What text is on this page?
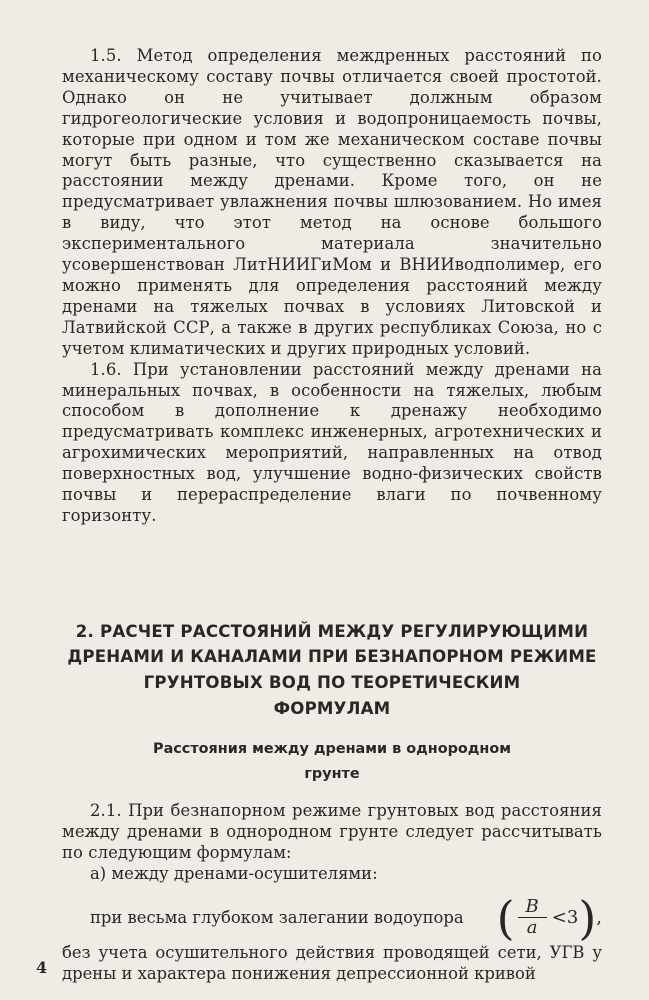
1.5. Метод определения междренных расстояний по механическому составу почвы отличается своей простотой. Однако он не учитывает должным образом гидрогеологические условия и водопроницаемость почвы, которые при одном и том же механическом составе почвы могут быть разные, что существенно сказывается на расстоянии между дренами. Кроме того, он не предусматривает увлажнения почвы шлюзованием. Но имея в виду, что этот метод на основе большого экспериментального материала значительно усовершенствован ЛитНИИГиМом и ВНИИводполимер, его можно применять для определения расстояний между дренами на тяжелых почвах в условиях Литовской и Латвийской ССР, а также в других республиках Союза, но с учетом климатических и других природных условий.

1.6. При установлении расстояний между дренами на минеральных почвах, в особенности на тяжелых, любым способом в дополнение к дренажу необходимо предусматривать комплекс инженерных, агротехнических и агрохимических мероприятий, направленных на отвод поверхностных вод, улучшение водно-физических свойств почвы и перераспределение влаги по почвенному горизонту.

2. РАСЧЕТ РАССТОЯНИЙ МЕЖДУ РЕГУЛИРУЮЩИМИ

ДРЕНАМИ И КАНАЛАМИ ПРИ БЕЗНАПОРНОМ РЕЖИМЕ

ГРУНТОВЫХ ВОД ПО ТЕОРЕТИЧЕСКИМ

ФОРМУЛАМ

Расстояния между дренами в однородном
грунте

2.1. При безнапорном режиме грунтовых вод расстояния между дренами в однородном грунте следует рассчитывать по следующим формулам:

а) между дренами-осушителями:

при весьма глубоком залегании водоупора ( $\frac{B}{a} <3$ ) ,

без учета осушительного действия проводящей сети, УГВ у дрены и характера понижения депрессионной кривой

4
